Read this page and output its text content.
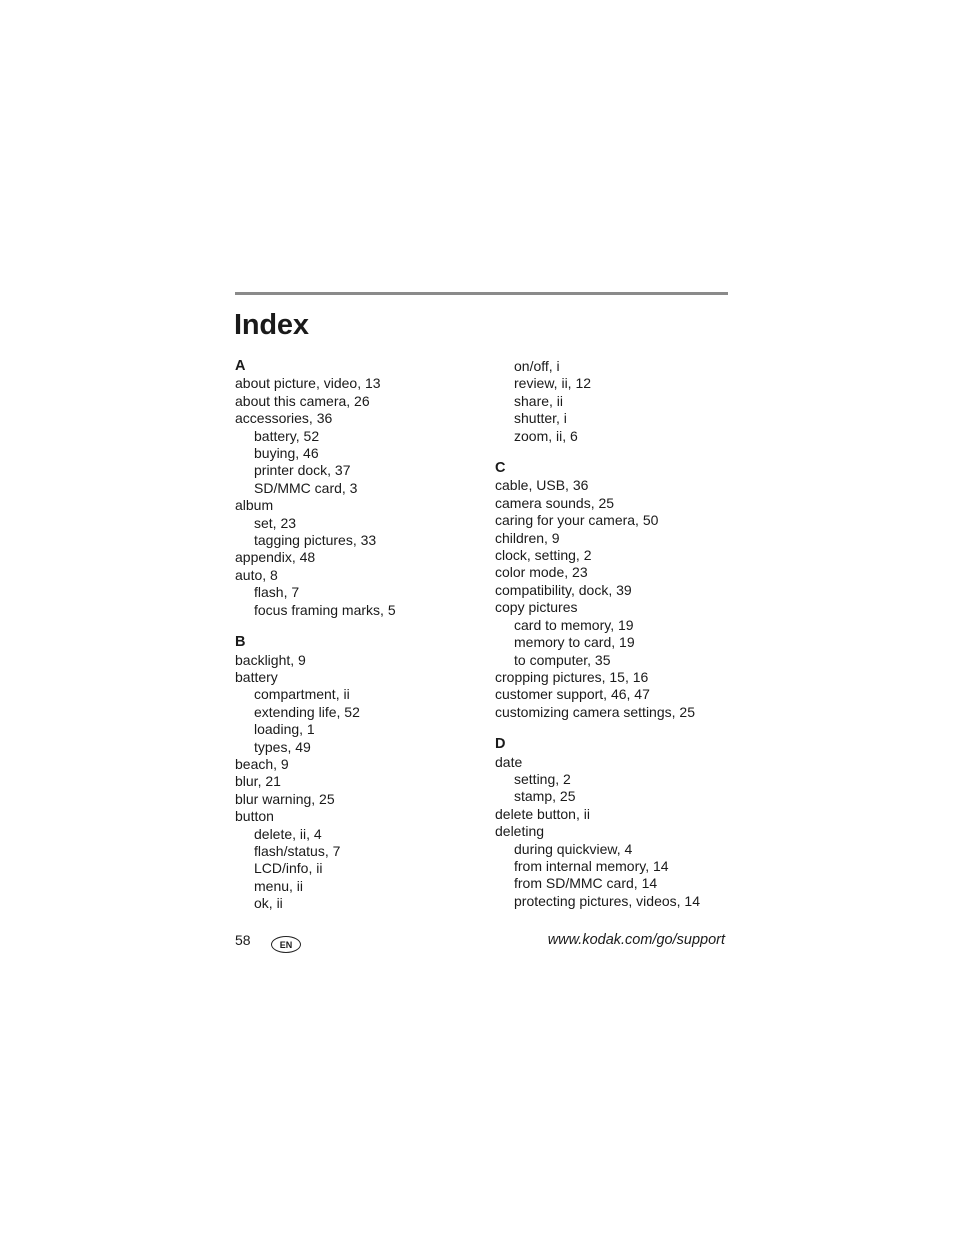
Index
A
about picture, video, 13
about this camera, 26
accessories, 36
battery, 52
buying, 46
printer dock, 37
SD/MMC card, 3
album
set, 23
tagging pictures, 33
appendix, 48
auto, 8
flash, 7
focus framing marks, 5
B
backlight, 9
battery
compartment, ii
extending life, 52
loading, 1
types, 49
beach, 9
blur, 21
blur warning, 25
button
delete, ii, 4
flash/status, 7
LCD/info, ii
menu, ii
ok, ii
on/off, i
review, ii, 12
share, ii
shutter, i
zoom, ii, 6
C
cable, USB, 36
camera sounds, 25
caring for your camera, 50
children, 9
clock, setting, 2
color mode, 23
compatibility, dock, 39
copy pictures
card to memory, 19
memory to card, 19
to computer, 35
cropping pictures, 15, 16
customer support, 46, 47
customizing camera settings, 25
D
date
setting, 2
stamp, 25
delete button, ii
deleting
during quickview, 4
from internal memory, 14
from SD/MMC card, 14
protecting pictures, videos, 14
58	EN	www.kodak.com/go/support
